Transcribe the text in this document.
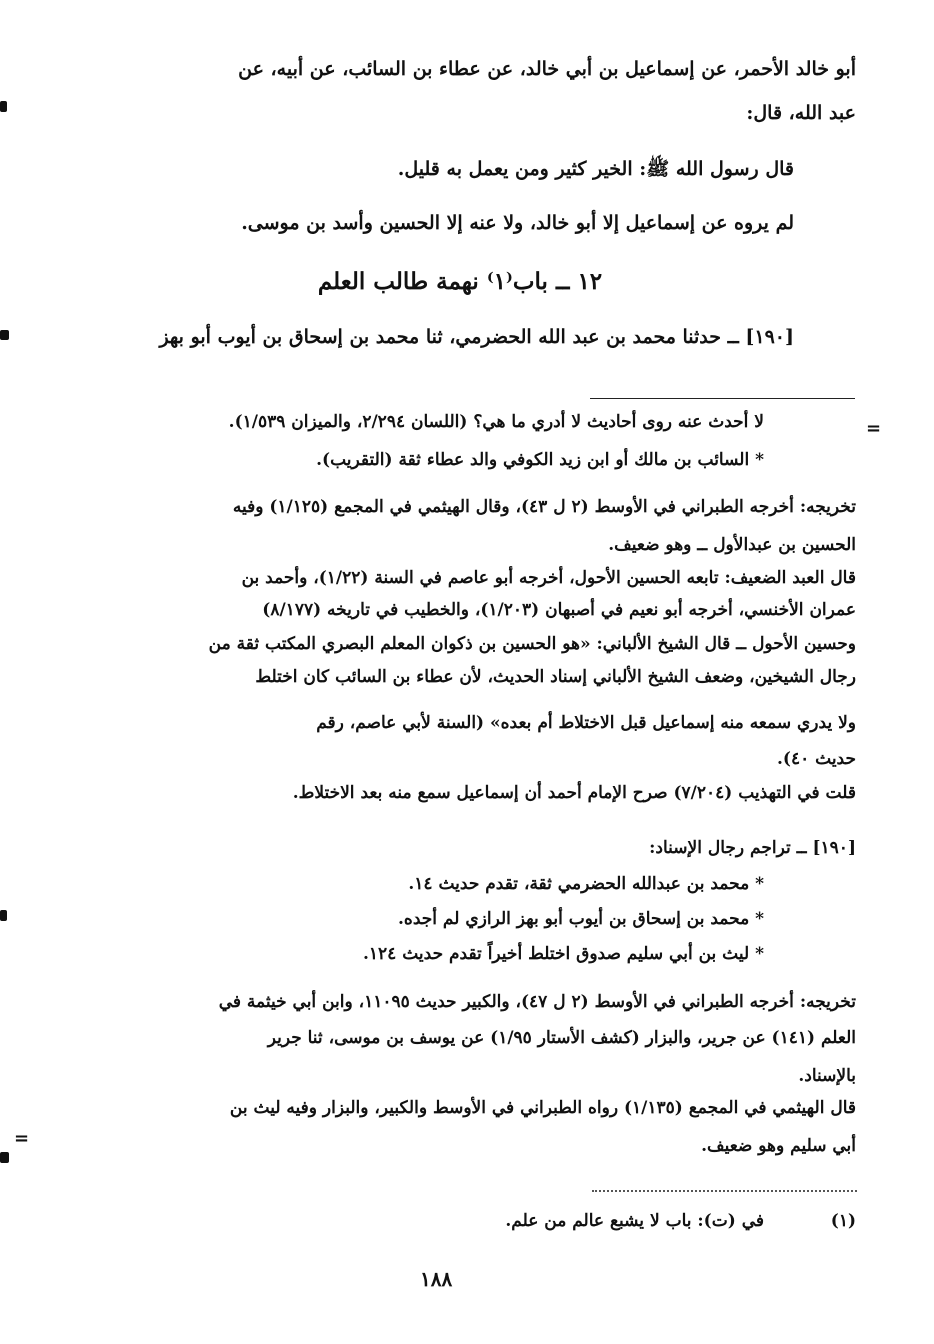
أبو خالد الأحمر، عن إسماعيل بن أبي خالد، عن عطاء بن السائب، عن أبيه، عن
عبد الله، قال:
قال رسول الله ﷺ: الخير كثير ومن يعمل به قليل.
لم يروه عن إسماعيل إلا أبو خالد، ولا عنه إلا الحسين وأسد بن موسى.
١٢ ــ باب⁽١⁾ نهمة طالب العلم
[١٩٠] ــ حدثنا محمد بن عبد الله الحضرمي، ثنا محمد بن إسحاق بن أيوب أبو بهز
لا أحدث عنه روى أحاديث لا أدري ما هي؟ (اللسان ٢/٢٩٤، والميزان ١/٥٣٩).
* السائب بن مالك أو ابن زيد الكوفي والد عطاء ثقة (التقريب).
تخريجه: أخرجه الطبراني في الأوسط (٢ ل ٤٣)، وقال الهيثمي في المجمع (١/١٢٥) وفيه
الحسين بن عبدالأول ــ وهو ضعيف.
قال العبد الضعيف: تابعه الحسين الأحول، أخرجه أبو عاصم في السنة (١/٢٢)، وأحمد بن
عمران الأخنسي، أخرجه أبو نعيم في أصبهان (١/٢٠٣)، والخطيب في تاريخه (٨/١٧٧)
وحسين الأحول ــ قال الشيخ الألباني: «هو الحسين بن ذكوان المعلم البصري المكتب ثقة من
رجال الشيخين، وضعف الشيخ الألباني إسناد الحديث، لأن عطاء بن السائب كان اختلط
ولا يدري سمعه منه إسماعيل قبل الاختلاط أم بعده» (السنة لأبي عاصم، رقم
حديث ٤٠).
قلت في التهذيب (٧/٢٠٤) صرح الإمام أحمد أن إسماعيل سمع منه بعد الاختلاط.
[١٩٠] ــ تراجم رجال الإسناد:
* محمد بن عبدالله الحضرمي ثقة، تقدم حديث ١٤.
* محمد بن إسحاق بن أيوب أبو بهز الرازي لم أجده.
* ليث بن أبي سليم صدوق اختلط أخيراً تقدم حديث ١٢٤.
تخريجه: أخرجه الطبراني في الأوسط (٢ ل ٤٧)، والكبير حديث ١١٠٩٥، وابن أبي خيثمة في
العلم (١٤١) عن جرير، والبزار (كشف الأستار ١/٩٥) عن يوسف بن موسى، ثنا جرير
بالإسناد.
قال الهيثمي في المجمع (١/١٣٥) رواه الطبراني في الأوسط والكبير، والبزار وفيه ليث بن
أبي سليم وهو ضعيف.
في (ت): باب لا يشبع عالم من علم.	(١)
١٨٨
=
=
